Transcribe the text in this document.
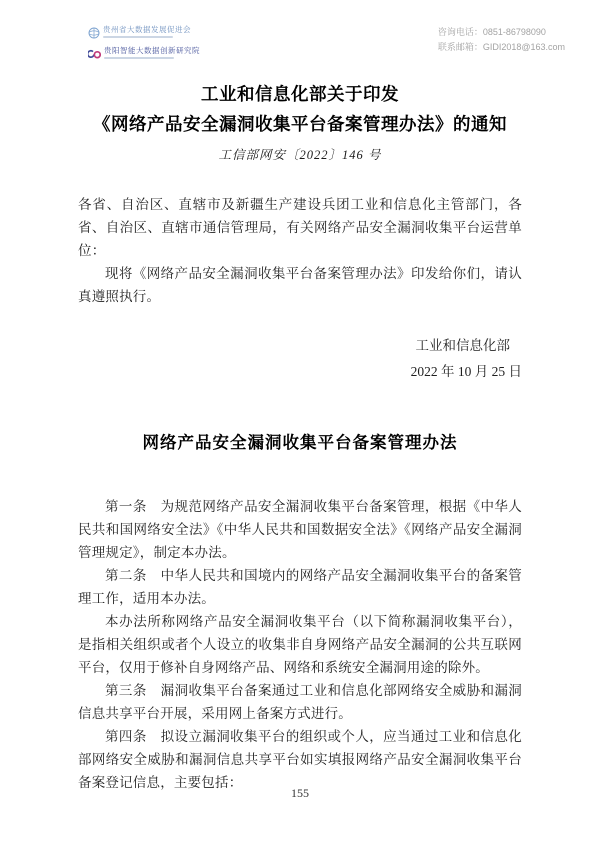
贵州省大数据发展促进会
贵阳智能大数据创新研究院
咨询电话：0851-86798090
联系邮箱：GIDI2018@163.com
工业和信息化部关于印发
《网络产品安全漏洞收集平台备案管理办法》的通知
工信部网安〔2022〕146 号

各省、自治区、直辖市及新疆生产建设兵团工业和信息化主管部门，各省、自治区、直辖市通信管理局，有关网络产品安全漏洞收集平台运营单位：

现将《网络产品安全漏洞收集平台备案管理办法》印发给你们，请认真遵照执行。

工业和信息化部
2022 年 10 月 25 日
网络产品安全漏洞收集平台备案管理办法

第一条　为规范网络产品安全漏洞收集平台备案管理，根据《中华人民共和国网络安全法》《中华人民共和国数据安全法》《网络产品安全漏洞管理规定》，制定本办法。

第二条　中华人民共和国境内的网络产品安全漏洞收集平台的备案管理工作，适用本办法。

本办法所称网络产品安全漏洞收集平台（以下简称漏洞收集平台），是指相关组织或者个人设立的收集非自身网络产品安全漏洞的公共互联网平台，仅用于修补自身网络产品、网络和系统安全漏洞用途的除外。

第三条　漏洞收集平台备案通过工业和信息化部网络安全威胁和漏洞信息共享平台开展，采用网上备案方式进行。

第四条　拟设立漏洞收集平台的组织或个人，应当通过工业和信息化部网络安全威胁和漏洞信息共享平台如实填报网络产品安全漏洞收集平台备案登记信息，主要包括：

155
